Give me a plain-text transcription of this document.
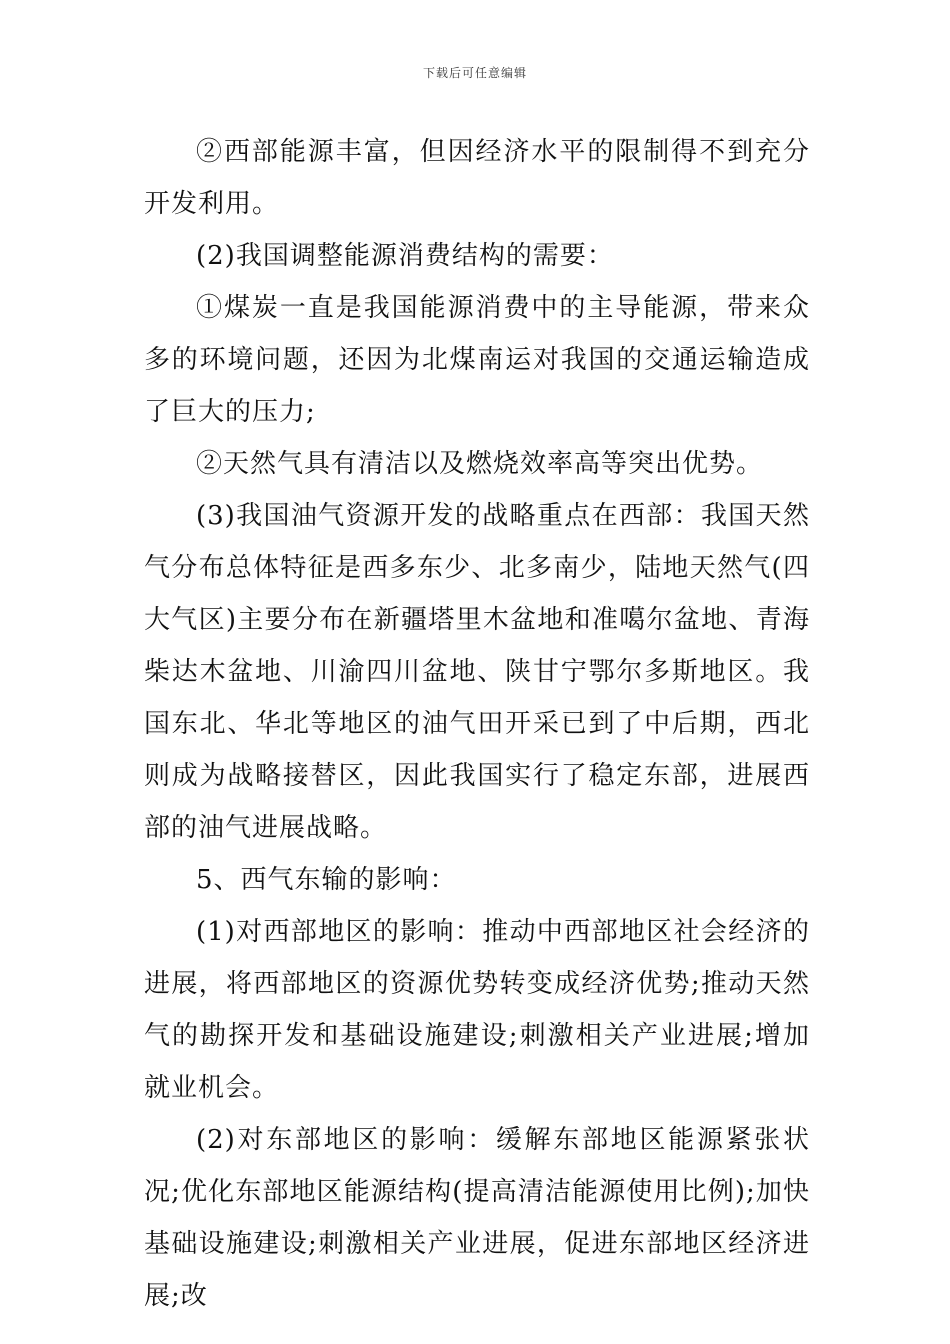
下载后可任意编辑

②西部能源丰富，但因经济水平的限制得不到充分开发利用。

(2)我国调整能源消费结构的需要：

①煤炭一直是我国能源消费中的主导能源，带来众多的环境问题，还因为北煤南运对我国的交通运输造成了巨大的压力;

②天然气具有清洁以及燃烧效率高等突出优势。

(3)我国油气资源开发的战略重点在西部：我国天然气分布总体特征是西多东少、北多南少，陆地天然气(四大气区)主要分布在新疆塔里木盆地和准噶尔盆地、青海柴达木盆地、川渝四川盆地、陕甘宁鄂尔多斯地区。我国东北、华北等地区的油气田开采已到了中后期，西北则成为战略接替区，因此我国实行了稳定东部，进展西部的油气进展战略。

5、西气东输的影响：

(1)对西部地区的影响：推动中西部地区社会经济的进展，将西部地区的资源优势转变成经济优势;推动天然气的勘探开发和基础设施建设;刺激相关产业进展;增加就业机会。

(2)对东部地区的影响：缓解东部地区能源紧张状况;优化东部地区能源结构(提高清洁能源使用比例);加快基础设施建设;刺激相关产业进展，促进东部地区经济进展;改
